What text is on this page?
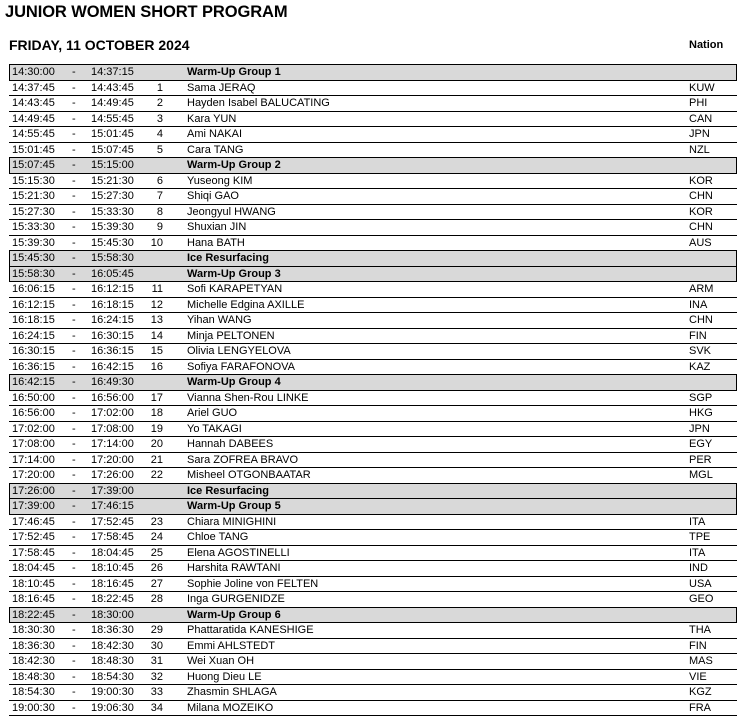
JUNIOR WOMEN SHORT PROGRAM
FRIDAY, 11 OCTOBER 2024	Nation
14:30:00 - 14:37:15	Warm-Up Group 1
14:37:45 - 14:43:45	1 Sama JERAQ	KUW
14:43:45 - 14:49:45	2 Hayden Isabel BALUCATING	PHI
14:49:45 - 14:55:45	3 Kara YUN	CAN
14:55:45 - 15:01:45	4 Ami NAKAI	JPN
15:01:45 - 15:07:45	5 Cara TANG	NZL
15:07:45 - 15:15:00	Warm-Up Group 2
15:15:30 - 15:21:30	6 Yuseong KIM	KOR
15:21:30 - 15:27:30	7 Shiqi GAO	CHN
15:27:30 - 15:33:30	8 Jeongyul HWANG	KOR
15:33:30 - 15:39:30	9 Shuxian JIN	CHN
15:39:30 - 15:45:30	10 Hana BATH	AUS
15:45:30 - 15:58:30	Ice Resurfacing
15:58:30 - 16:05:45	Warm-Up Group 3
16:06:15 - 16:12:15	11 Sofi KARAPETYAN	ARM
16:12:15 - 16:18:15	12 Michelle Edgina AXILLE	INA
16:18:15 - 16:24:15	13 Yihan WANG	CHN
16:24:15 - 16:30:15	14 Minja PELTONEN	FIN
16:30:15 - 16:36:15	15 Olivia LENGYELOVA	SVK
16:36:15 - 16:42:15	16 Sofiya FARAFONOVA	KAZ
16:42:15 - 16:49:30	Warm-Up Group 4
16:50:00 - 16:56:00	17 Vianna Shen-Rou LINKE	SGP
16:56:00 - 17:02:00	18 Ariel GUO	HKG
17:02:00 - 17:08:00	19 Yo TAKAGI	JPN
17:08:00 - 17:14:00	20 Hannah DABEES	EGY
17:14:00 - 17:20:00	21 Sara ZOFREA BRAVO	PER
17:20:00 - 17:26:00	22 Misheel OTGONBAATAR	MGL
17:26:00 - 17:39:00	Ice Resurfacing
17:39:00 - 17:46:15	Warm-Up Group 5
17:46:45 - 17:52:45	23 Chiara MINIGHINI	ITA
17:52:45 - 17:58:45	24 Chloe TANG	TPE
17:58:45 - 18:04:45	25 Elena AGOSTINELLI	ITA
18:04:45 - 18:10:45	26 Harshita RAWTANI	IND
18:10:45 - 18:16:45	27 Sophie Joline von FELTEN	USA
18:16:45 - 18:22:45	28 Inga GURGENIDZE	GEO
18:22:45 - 18:30:00	Warm-Up Group 6
18:30:30 - 18:36:30	29 Phattaratida KANESHIGE	THA
18:36:30 - 18:42:30	30 Emmi AHLSTEDT	FIN
18:42:30 - 18:48:30	31 Wei Xuan OH	MAS
18:48:30 - 18:54:30	32 Huong Dieu LE	VIE
18:54:30 - 19:00:30	33 Zhasmin SHLAGA	KGZ
19:00:30 - 19:06:30	34 Milana MOZEIKO	FRA
